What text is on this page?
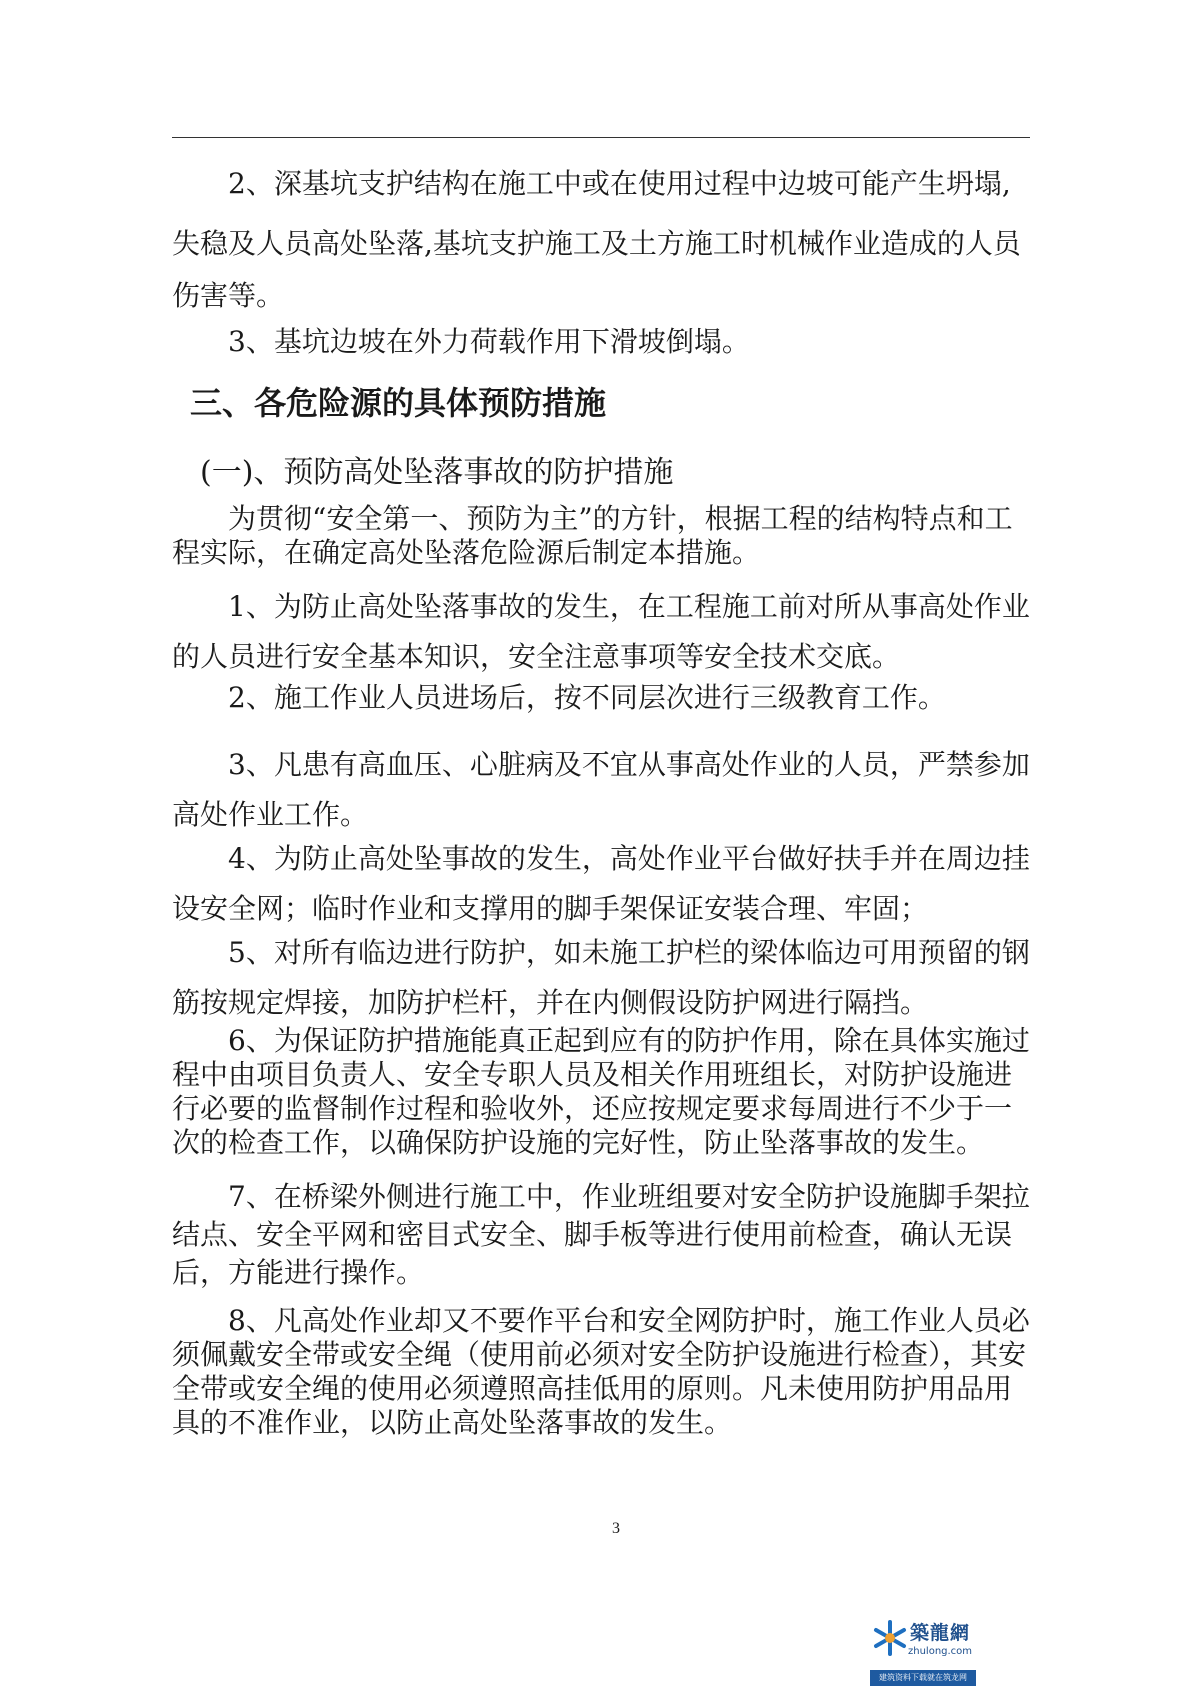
2、深基坑支护结构在施工中或在使用过程中边坡可能产生坍塌,
失稳及人员高处坠落,基坑支护施工及土方施工时机械作业造成的人员
伤害等。
3、基坑边坡在外力荷载作用下滑坡倒塌。
三、各危险源的具体预防措施
(一)、预防高处坠落事故的防护措施
为贯彻“安全第一、预防为主”的方针，根据工程的结构特点和工程实际，在确定高处坠落危险源后制定本措施。
1、为防止高处坠落事故的发生，在工程施工前对所从事高处作业的人员进行安全基本知识，安全注意事项等安全技术交底。
2、施工作业人员进场后，按不同层次进行三级教育工作。
3、凡患有高血压、心脏病及不宜从事高处作业的人员，严禁参加高处作业工作。
4、为防止高处坠事故的发生，高处作业平台做好扶手并在周边挂设安全网；临时作业和支撑用的脚手架保证安装合理、牢固；
5、对所有临边进行防护，如未施工护栏的梁体临边可用预留的钢筋按规定焊接，加防护栏杆，并在内侧假设防护网进行隔挡。
6、为保证防护措施能真正起到应有的防护作用，除在具体实施过程中由项目负责人、安全专职人员及相关作用班组长，对防护设施进行必要的监督制作过程和验收外，还应按规定要求每周进行不少于一次的检查工作，以确保防护设施的完好性，防止坠落事故的发生。
7、在桥梁外侧进行施工中，作业班组要对安全防护设施脚手架拉结点、安全平网和密目式安全、脚手板等进行使用前检查，确认无误后，方能进行操作。
8、凡高处作业却又不要作平台和安全网防护时，施工作业人员必须佩戴安全带或安全绳（使用前必须对安全防护设施进行检查），其安全带或安全绳的使用必须遵照高挂低用的原则。凡未使用防护用品用具的不准作业，以防止高处坠落事故的发生。
3
築龍網
zhulong.com
建筑资料下载就在筑龙网
